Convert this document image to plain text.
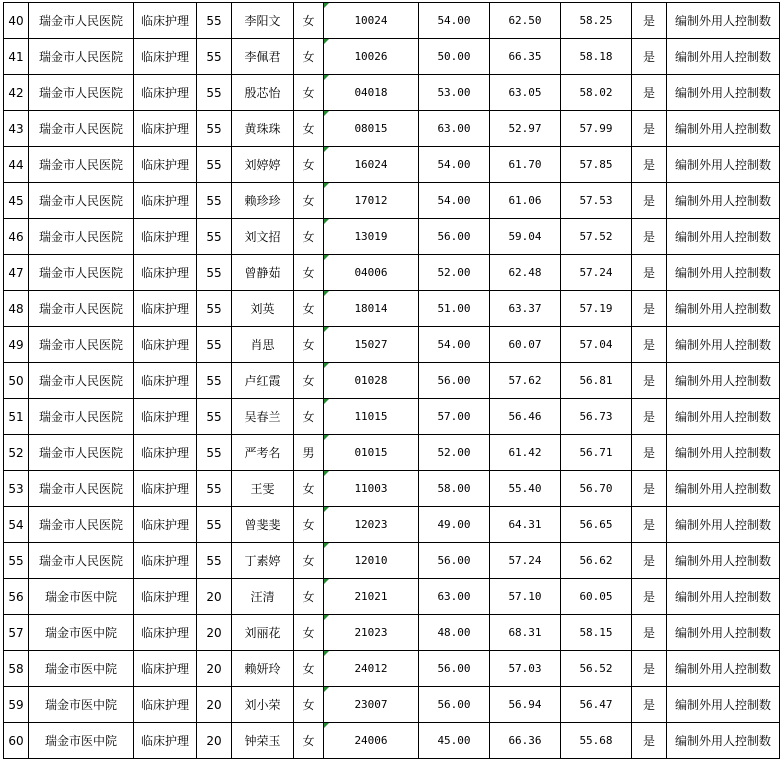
40	瑞金市人民医院	临床护理	55	李阳文	女	10024	54.00	62.50	58.25	是	编制外用人控制数
41	瑞金市人民医院	临床护理	55	李佩君	女	10026	50.00	66.35	58.18	是	编制外用人控制数
42	瑞金市人民医院	临床护理	55	殷芯怡	女	04018	53.00	63.05	58.02	是	编制外用人控制数
43	瑞金市人民医院	临床护理	55	黄珠珠	女	08015	63.00	52.97	57.99	是	编制外用人控制数
44	瑞金市人民医院	临床护理	55	刘婷婷	女	16024	54.00	61.70	57.85	是	编制外用人控制数
45	瑞金市人民医院	临床护理	55	赖珍珍	女	17012	54.00	61.06	57.53	是	编制外用人控制数
46	瑞金市人民医院	临床护理	55	刘文招	女	13019	56.00	59.04	57.52	是	编制外用人控制数
47	瑞金市人民医院	临床护理	55	曾静茹	女	04006	52.00	62.48	57.24	是	编制外用人控制数
48	瑞金市人民医院	临床护理	55	刘英	女	18014	51.00	63.37	57.19	是	编制外用人控制数
49	瑞金市人民医院	临床护理	55	肖思	女	15027	54.00	60.07	57.04	是	编制外用人控制数
50	瑞金市人民医院	临床护理	55	卢红霞	女	01028	56.00	57.62	56.81	是	编制外用人控制数
51	瑞金市人民医院	临床护理	55	吴春兰	女	11015	57.00	56.46	56.73	是	编制外用人控制数
52	瑞金市人民医院	临床护理	55	严考名	男	01015	52.00	61.42	56.71	是	编制外用人控制数
53	瑞金市人民医院	临床护理	55	王雯	女	11003	58.00	55.40	56.70	是	编制外用人控制数
54	瑞金市人民医院	临床护理	55	曾斐斐	女	12023	49.00	64.31	56.65	是	编制外用人控制数
55	瑞金市人民医院	临床护理	55	丁素婷	女	12010	56.00	57.24	56.62	是	编制外用人控制数
56	瑞金市医中院	临床护理	20	汪清	女	21021	63.00	57.10	60.05	是	编制外用人控制数
57	瑞金市医中院	临床护理	20	刘丽花	女	21023	48.00	68.31	58.15	是	编制外用人控制数
58	瑞金市医中院	临床护理	20	赖妍玲	女	24012	56.00	57.03	56.52	是	编制外用人控制数
59	瑞金市医中院	临床护理	20	刘小荣	女	23007	56.00	56.94	56.47	是	编制外用人控制数
60	瑞金市医中院	临床护理	20	钟荣玉	女	24006	45.00	66.36	55.68	是	编制外用人控制数
